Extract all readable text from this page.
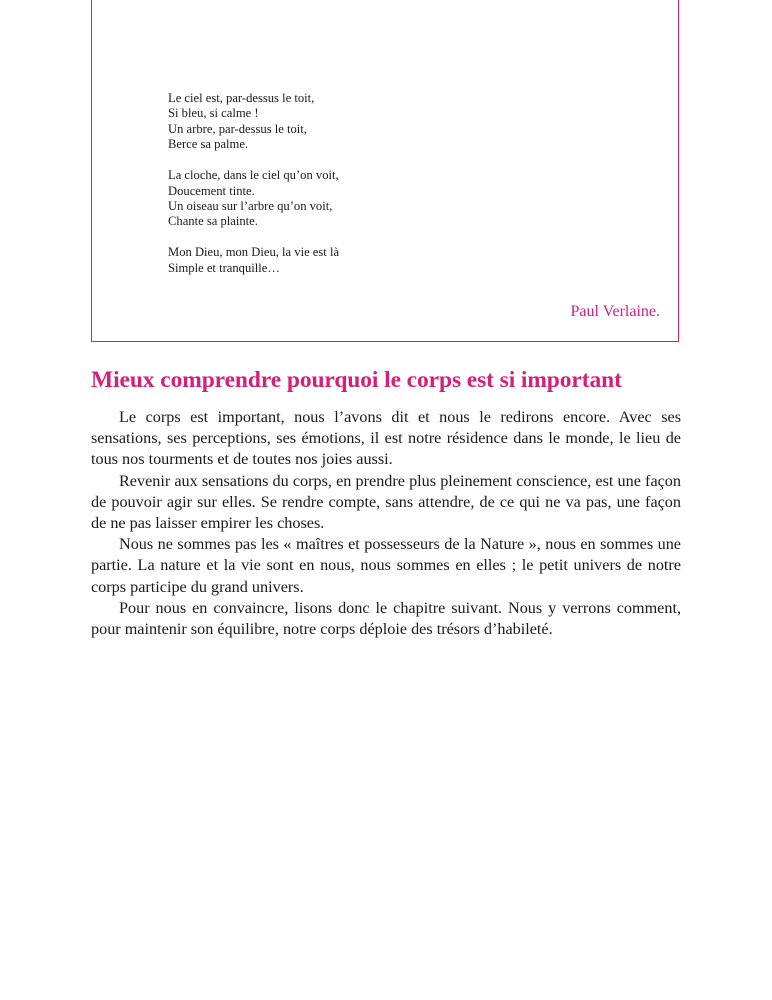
Le ciel est, par-dessus le toit,
Si bleu, si calme !
Un arbre, par-dessus le toit,
Berce sa palme.
La cloche, dans le ciel qu’on voit,
Doucement tinte.
Un oiseau sur l’arbre qu’on voit,
Chante sa plainte.
Mon Dieu, mon Dieu, la vie est là
Simple et tranquille…
Paul Verlaine.
Mieux comprendre pourquoi le corps est si important

Le corps est important, nous l’avons dit et nous le redirons encore. Avec ses sensations, ses perceptions, ses émotions, il est notre résidence dans le monde, le lieu de tous nos tourments et de toutes nos joies aussi.

Revenir aux sensations du corps, en prendre plus pleinement conscience, est une façon de pouvoir agir sur elles. Se rendre compte, sans attendre, de ce qui ne va pas, une façon de ne pas laisser empirer les choses.

Nous ne sommes pas les « maîtres et possesseurs de la Nature », nous en sommes une partie. La nature et la vie sont en nous, nous sommes en elles ; le petit univers de notre corps participe du grand univers.

Pour nous en convaincre, lisons donc le chapitre suivant. Nous y verrons comment, pour maintenir son équilibre, notre corps déploie des trésors d’habileté.
